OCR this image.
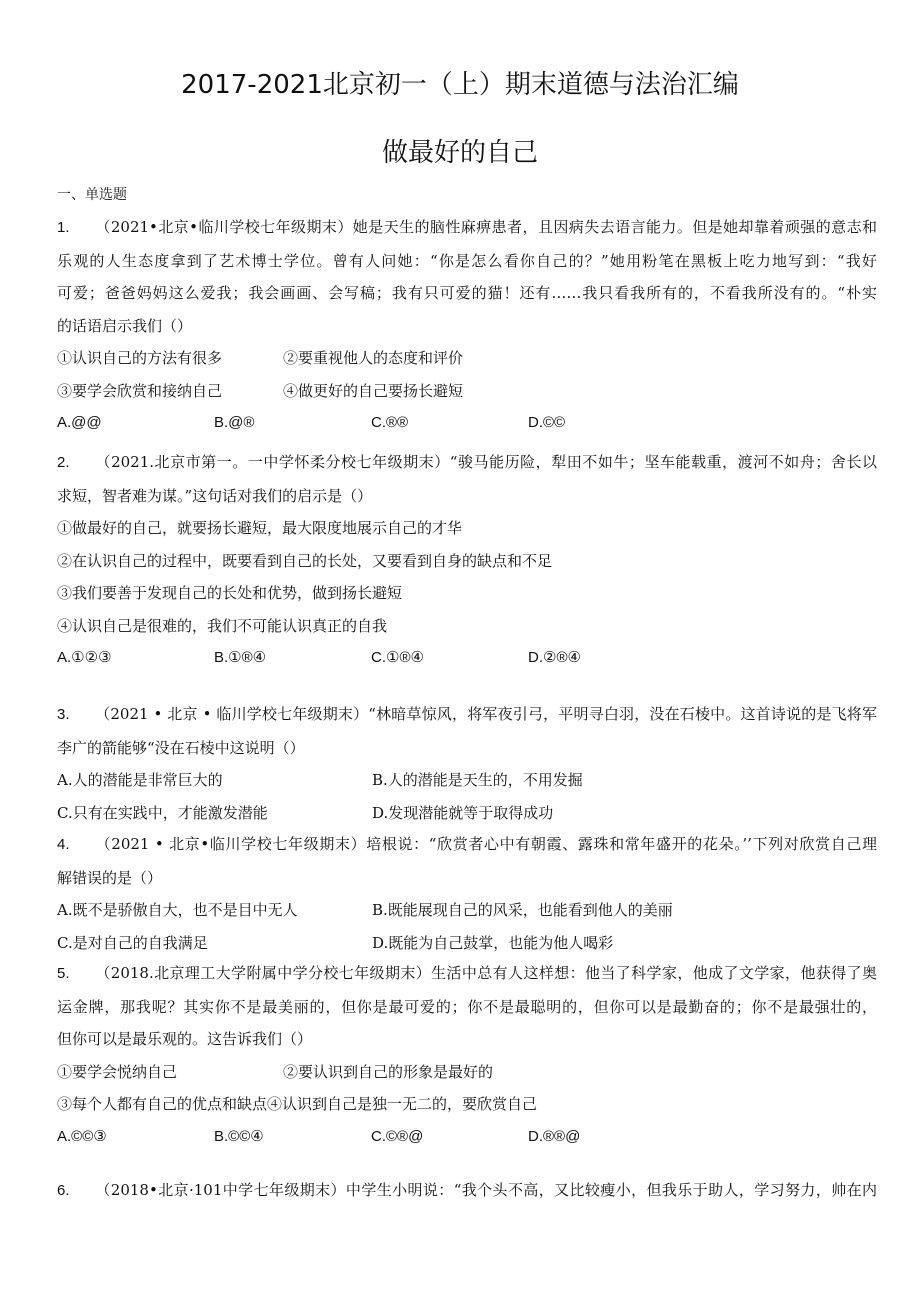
2017-2021北京初一（上）期末道德与法治汇编
做最好的自己
一、单选题

1. （2021•北京•临川学校七年级期末）她是天生的脑性麻痹患者，且因病失去语言能力。但是她却靠着顽强的意志和

乐观的人生态度拿到了艺术博士学位。曾有人问她：“你是怎么看你自己的？”她用粉笔在黑板上吃力地写到：“我好

可爱；爸爸妈妈这么爱我；我会画画、会写稿；我有只可爱的猫！还有……我只看我所有的，不看我所没有的。“朴实

的话语启示我们（）

①认识自己的方法有很多	②要重视他人的态度和评价
③要学会欣赏和接纳自己	④做更好的自己要扬长避短
A.@@	B.@®	C.®®	D.©©

2. （2021.北京市第一。一中学怀柔分校七年级期末）“骏马能历险，犁田不如牛；坚车能载重，渡河不如舟；舍长以

求短，智者难为谋。”这句话对我们的启示是（）

①做最好的自己，就要扬长避短，最大限度地展示自己的才华

②在认识自己的过程中，既要看到自己的长处，又要看到自身的缺点和不足

③我们要善于发现自己的长处和优势，做到扬长避短

④认识自己是很难的，我们不可能认识真正的自我

A.①②③	B.①®④	C.①®④	D.②®④

3. （2021 • 北京 • 临川学校七年级期末）“林暗草惊风，将军夜引弓，平明寻白羽，没在石棱中。这首诗说的是飞将军

李广的箭能够“没在石棱中这说明（）

A.人的潜能是非常巨大的	B.人的潜能是天生的，不用发掘
C.只有在实践中，才能激发潜能	D.发现潜能就等于取得成功

4. （2021 • 北京•临川学校七年级期末）培根说：“欣赏者心中有朝霞、露珠和常年盛开的花朵。’’下列对欣赏自己理

解错误的是（）

A.既不是骄傲自大，也不是目中无人	B.既能展现自己的风采，也能看到他人的美丽
C.是对自己的自我满足	D.既能为自己鼓掌，也能为他人喝彩

5. （2018.北京理工大学附属中学分校七年级期末）生活中总有人这样想：他当了科学家，他成了文学家，他获得了奥

运金牌，那我呢？其实你不是最美丽的，但你是最可爱的；你不是最聪明的，但你可以是最勤奋的；你不是最强壮的，

但你可以是最乐观的。这告诉我们（）

①要学会悦纳自己	②要认识到自己的形象是最好的

③每个人都有自己的优点和缺点④认识到自己是独一无二的，要欣赏自己

A.©©③	B.©©④	C.©®@	D.®®@

6. （2018•北京·101中学七年级期末）中学生小明说：“我个头不高，又比较瘦小，但我乐于助人，学习努力，帅在内
